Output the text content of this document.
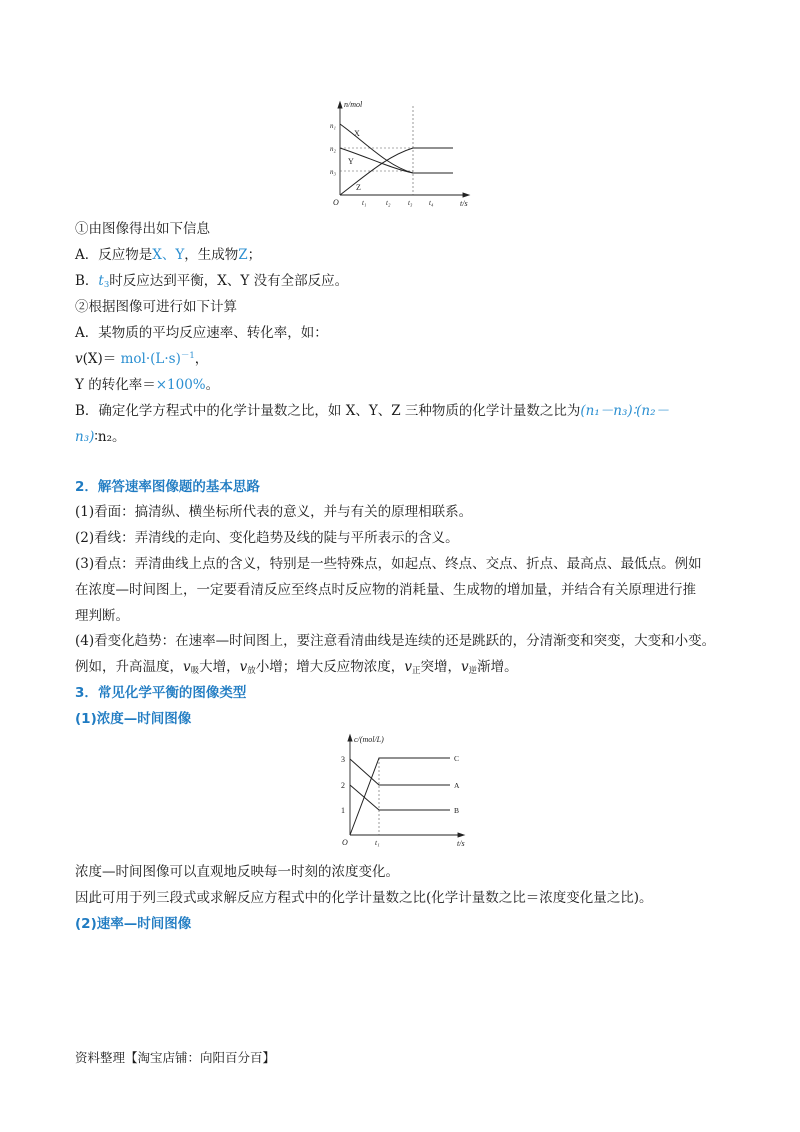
n/mol
n₁
n₂
n₃
X
Y
Z
O	t₁	t₂	t₃ t₄	t/s
①由图像得出如下信息
A．反应物是X、Y，生成物Z；
B．$t_3$时反应达到平衡，X、Y 没有全部反应。
②根据图像可进行如下计算
A．某物质的平均反应速率、转化率，如：
$v(X)= mol\cdot(L\cdot s)^{-1}$，
Y 的转化率＝×100%。
B．确定化学方程式中的化学计量数之比，如 X、Y、Z 三种物质的化学计量数之比为(n₁－n₃)∶(n₂－
n₃)∶n₂。
2．解答速率图像题的基本思路
(1)看面：搞清纵、横坐标所代表的意义，并与有关的原理相联系。
(2)看线：弄清线的走向、变化趋势及线的陡与平所表示的含义。
(3)看点：弄清曲线上点的含义，特别是一些特殊点，如起点、终点、交点、折点、最高点、最低点。例如
在浓度—时间图上，一定要看清反应至终点时反应物的消耗量、生成物的增加量，并结合有关原理进行推
理判断。
(4)看变化趋势：在速率—时间图上，要注意看清曲线是连续的还是跳跃的，分清渐变和突变，大变和小变。
例如，升高温度，$v_吸$大增，$v_放$小增；增大反应物浓度，$v_正$突增，$v_逆$渐增。
3．常见化学平衡的图像类型
(1)浓度—时间图像
c/(mol/L)
3
2
1
C
A
B
O	t₁	t/s
浓度—时间图像可以直观地反映每一时刻的浓度变化。
因此可用于列三段式或求解反应方程式中的化学计量数之比(化学计量数之比＝浓度变化量之比)。
(2)速率—时间图像
资料整理【淘宝店铺：向阳百分百】
